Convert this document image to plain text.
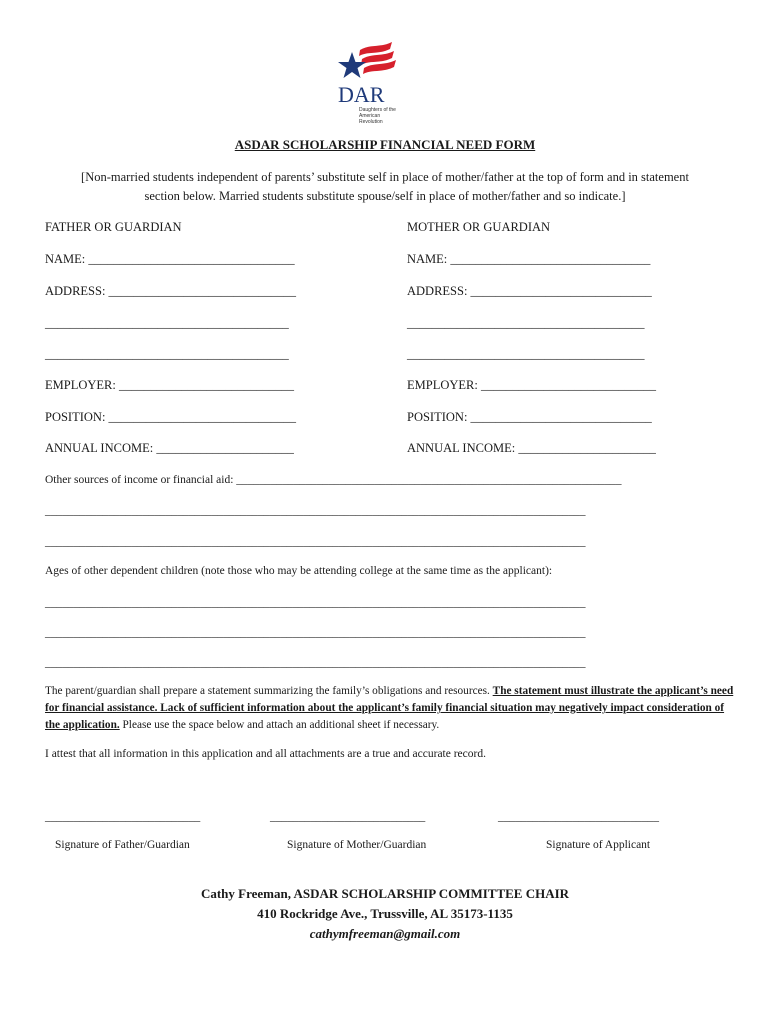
DAR
Daughters of the American Revolution
ASDAR SCHOLARSHIP FINANCIAL NEED FORM
[Non-married students independent of parents’ substitute self in place of mother/father at the top of form and in statement
section below. Married students substitute spouse/self in place of mother/father and so indicate.]
FATHER OR GUARDIAN
NAME: _________________________________
ADDRESS: ______________________________
_______________________________________
_______________________________________
EMPLOYER: ____________________________
POSITION: ______________________________
ANNUAL INCOME: ______________________
MOTHER OR GUARDIAN
NAME: ________________________________
ADDRESS: _____________________________
______________________________________
______________________________________
EMPLOYER: ____________________________
POSITION: _____________________________
ANNUAL INCOME: ______________________
Other sources of income or financial aid: ___________________________________________________________________
______________________________________________________________________________________________
______________________________________________________________________________________________
Ages of other dependent children (note those who may be attending college at the same time as the applicant):
______________________________________________________________________________________________
______________________________________________________________________________________________
______________________________________________________________________________________________
The parent/guardian shall prepare a statement summarizing the family’s obligations and resources. The statement must illustrate the applicant’s need for financial assistance. Lack of sufficient information about the applicant’s family financial situation may negatively impact consideration of the application. Please use the space below and attach an additional sheet if necessary.
I attest that all information in this application and all attachments are a true and accurate record.
___________________________	___________________________	____________________________
Signature of Father/Guardian	Signature of Mother/Guardian	Signature of Applicant
Cathy Freeman, ASDAR SCHOLARSHIP COMMITTEE CHAIR
410 Rockridge Ave., Trussville, AL 35173-1135
cathymfreeman@gmail.com
